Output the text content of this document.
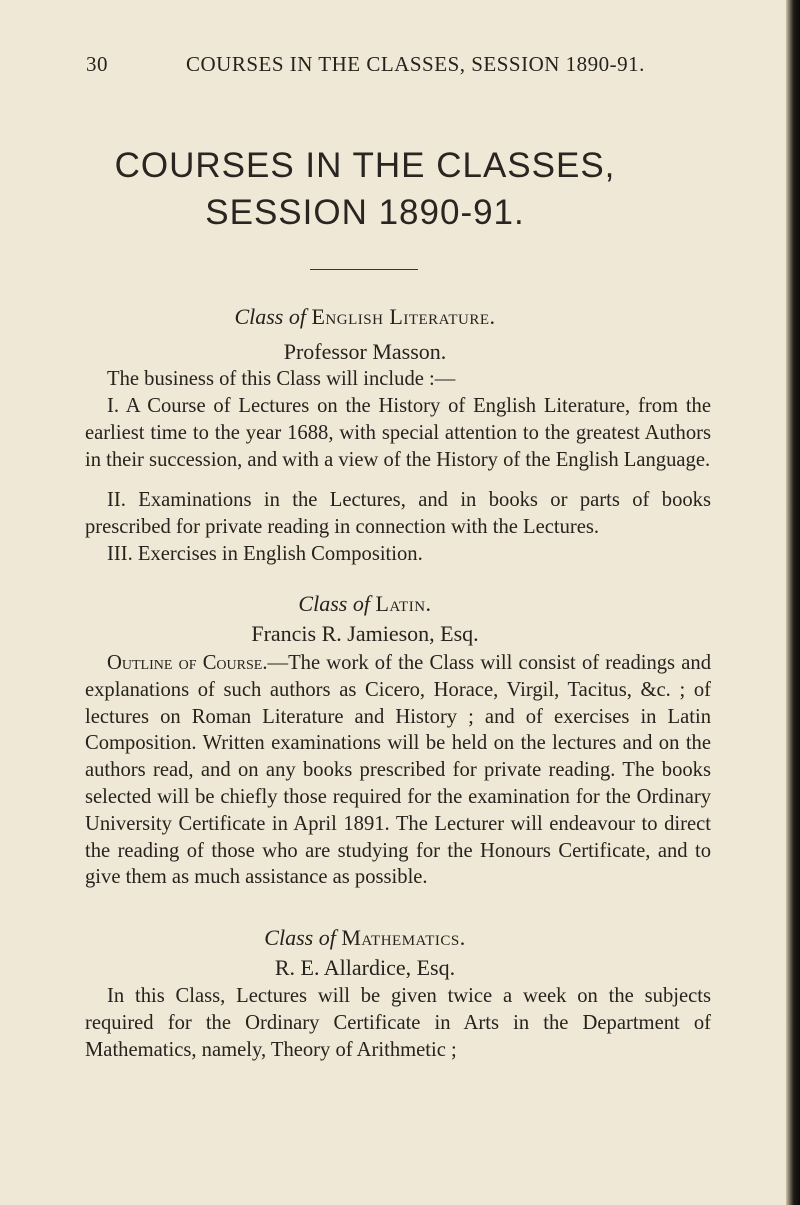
30	COURSES IN THE CLASSES, SESSION 1890-91.
COURSES IN THE CLASSES,
SESSION 1890-91.
Class of English Literature.
Professor Masson.
The business of this Class will include :—
I. A Course of Lectures on the History of English Literature, from the earliest time to the year 1688, with special attention to the greatest Authors in their succession, and with a view of the History of the English Language.
II. Examinations in the Lectures, and in books or parts of books prescribed for private reading in connection with the Lectures.
III. Exercises in English Composition.
Class of Latin.
Francis R. Jamieson, Esq.
Outline of Course.—The work of the Class will consist of readings and explanations of such authors as Cicero, Horace, Virgil, Tacitus, &c. ; of lectures on Roman Literature and History ; and of exercises in Latin Composition. Written examinations will be held on the lectures and on the authors read, and on any books prescribed for private reading. The books selected will be chiefly those required for the examination for the Ordinary University Certificate in April 1891. The Lecturer will endeavour to direct the reading of those who are studying for the Honours Certificate, and to give them as much assistance as possible.
Class of Mathematics.
R. E. Allardice, Esq.
In this Class, Lectures will be given twice a week on the subjects required for the Ordinary Certificate in Arts in the Department of Mathematics, namely, Theory of Arithmetic ;
